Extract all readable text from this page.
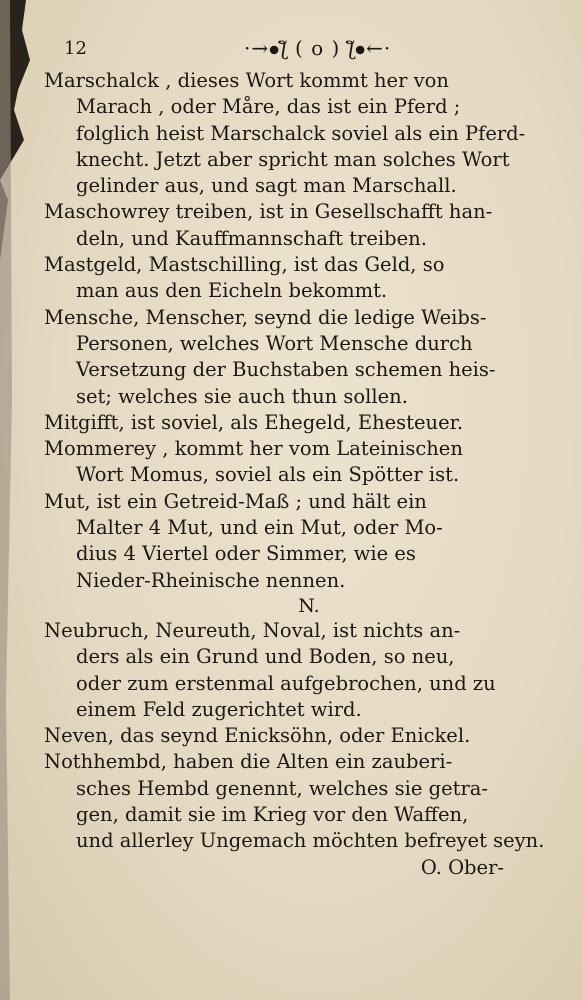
12	·→⦁ƪ ( o ) ƪ⦁←·
Marschalck , dieses Wort kommt her von
Marach , oder Måre, das ist ein Pferd ;
folglich heist Marschalck soviel als ein Pferd-
knecht. Jetzt aber spricht man solches Wort
gelinder aus, und sagt man Marschall.
Maschowrey treiben, ist in Gesellschafft han-
deln, und Kauffmannschaft treiben.
Mastgeld, Mastschilling, ist das Geld, so
man aus den Eicheln bekommt.
Mensche, Menscher, seynd die ledige Weibs-
Personen, welches Wort Mensche durch
Versetzung der Buchstaben schemen heis-
set; welches sie auch thun sollen.
Mitgifft, ist soviel, als Ehegeld, Ehesteuer.
Mommerey , kommt her vom Lateinischen
Wort Momus, soviel als ein Spötter ist.
Mut, ist ein Getreid-Maß ; und hält ein
Malter 4 Mut, und ein Mut, oder Mo-
dius 4 Viertel oder Simmer, wie es
Nieder-Rheinische nennen.
N.
Neubruch, Neureuth, Noval, ist nichts an-
ders als ein Grund und Boden, so neu,
oder zum erstenmal aufgebrochen, und zu
einem Feld zugerichtet wird.
Neven, das seynd Enicksöhn, oder Enickel.
Nothhembd, haben die Alten ein zauberi-
sches Hembd genennt, welches sie getra-
gen, damit sie im Krieg vor den Waffen,
und allerley Ungemach möchten befreyet seyn.
O. Ober-
